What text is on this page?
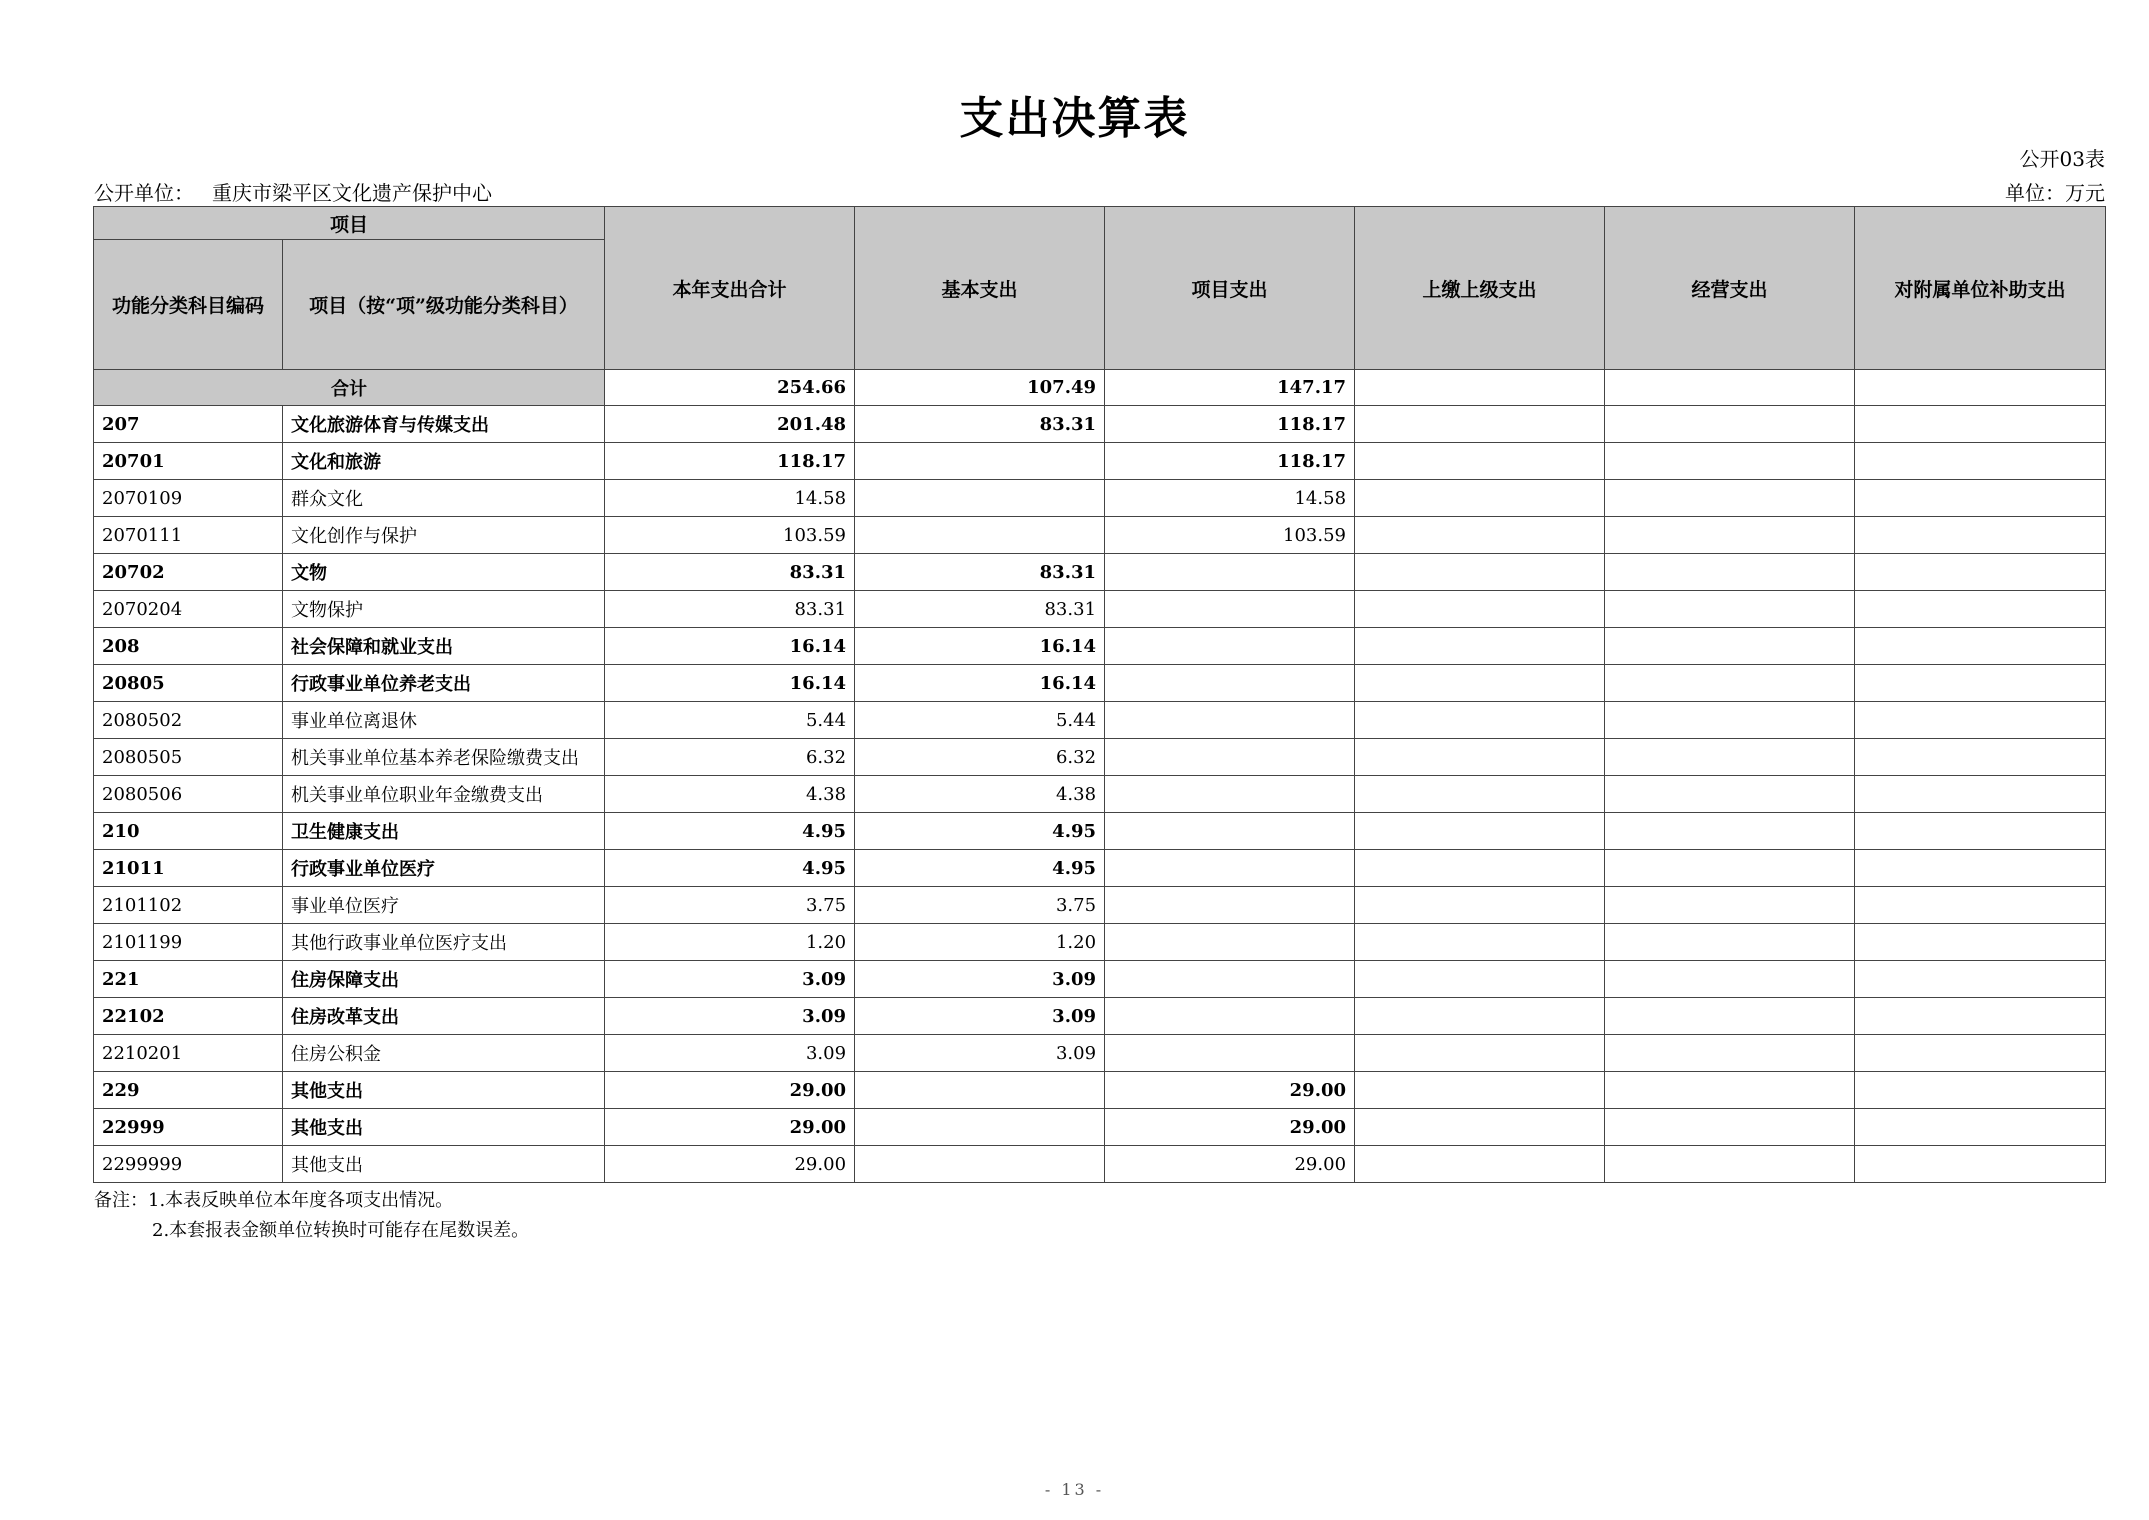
支出决算表
公开03表
公开单位： 重庆市梁平区文化遗产保护中心	单位：万元
项目		本年支出合计	基本支出	项目支出	上缴上级支出	经营支出	对附属单位补助支出
功能分类科目编码	项目（按“项”级功能分类科目）						
合计		254.66	107.49	147.17			
207	文化旅游体育与传媒支出	201.48	83.31	118.17			
20701	文化和旅游	118.17		118.17			
2070109	群众文化	14.58		14.58			
2070111	文化创作与保护	103.59		103.59			
20702	文物	83.31	83.31				
2070204	文物保护	83.31	83.31				
208	社会保障和就业支出	16.14	16.14				
20805	行政事业单位养老支出	16.14	16.14				
2080502	事业单位离退休	5.44	5.44				
2080505	机关事业单位基本养老保险缴费支出	6.32	6.32				
2080506	机关事业单位职业年金缴费支出	4.38	4.38				
210	卫生健康支出	4.95	4.95				
21011	行政事业单位医疗	4.95	4.95				
2101102	事业单位医疗	3.75	3.75				
2101199	其他行政事业单位医疗支出	1.20	1.20				
221	住房保障支出	3.09	3.09				
22102	住房改革支出	3.09	3.09				
2210201	住房公积金	3.09	3.09				
229	其他支出	29.00		29.00			
22999	其他支出	29.00		29.00			
2299999	其他支出	29.00		29.00			
备注：1.本表反映单位本年度各项支出情况。
2.本套报表金额单位转换时可能存在尾数误差。
- 13 -
